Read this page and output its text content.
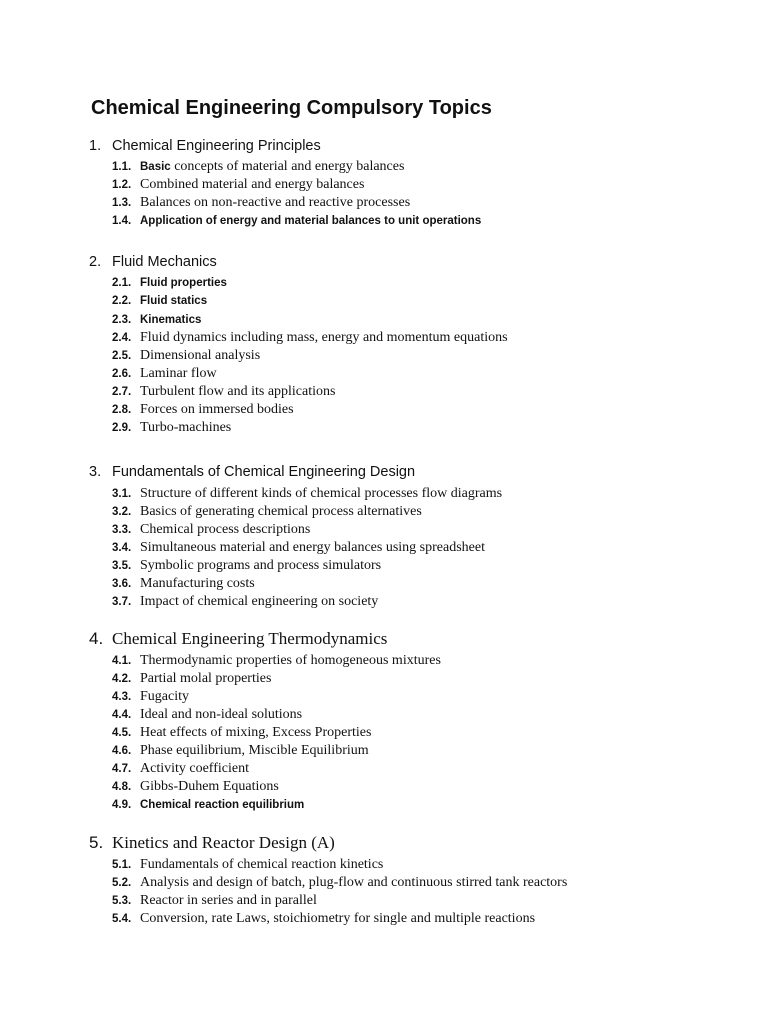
Chemical Engineering Compulsory Topics
1. Chemical Engineering Principles
1.1. Basic concepts of material and energy balances
1.2. Combined material and energy balances
1.3. Balances on non-reactive and reactive processes
1.4. Application of energy and material balances to unit operations
2. Fluid Mechanics
2.1. Fluid properties
2.2. Fluid statics
2.3. Kinematics
2.4. Fluid dynamics including mass, energy and momentum equations
2.5. Dimensional analysis
2.6. Laminar flow
2.7. Turbulent flow and its applications
2.8. Forces on immersed bodies
2.9. Turbo-machines
3. Fundamentals of Chemical Engineering Design
3.1. Structure of different kinds of chemical processes flow diagrams
3.2. Basics of generating chemical process alternatives
3.3. Chemical process descriptions
3.4. Simultaneous material and energy balances using spreadsheet
3.5. Symbolic programs and process simulators
3.6. Manufacturing costs
3.7. Impact of chemical engineering on society
4. Chemical Engineering Thermodynamics
4.1. Thermodynamic properties of homogeneous mixtures
4.2. Partial molal properties
4.3. Fugacity
4.4. Ideal and non-ideal solutions
4.5. Heat effects of mixing, Excess Properties
4.6. Phase equilibrium, Miscible Equilibrium
4.7. Activity coefficient
4.8. Gibbs-Duhem Equations
4.9. Chemical reaction equilibrium
5. Kinetics and Reactor Design (A)
5.1. Fundamentals of chemical reaction kinetics
5.2. Analysis and design of batch, plug-flow and continuous stirred tank reactors
5.3. Reactor in series and in parallel
5.4. Conversion, rate Laws, stoichiometry for single and multiple reactions
